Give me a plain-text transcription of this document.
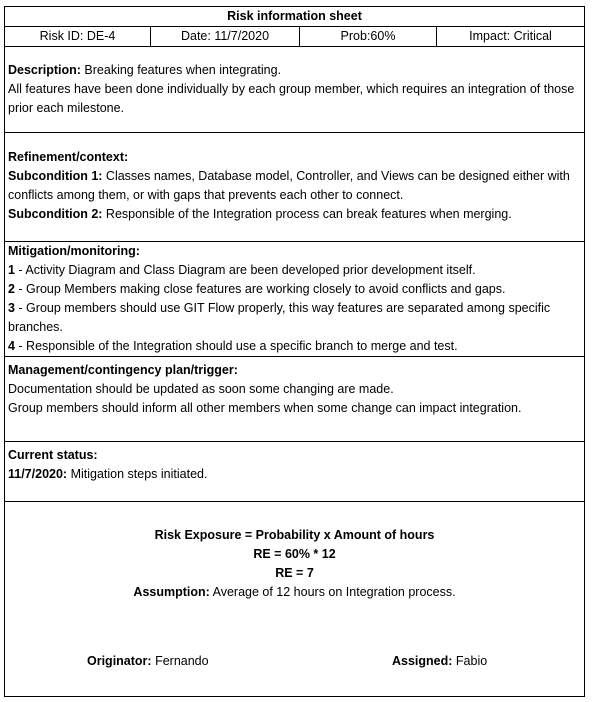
Risk information sheet
Risk ID: DE-4	Date: 11/7/2020	Prob:60%	Impact: Critical

Description: Breaking features when integrating.

All features have been done individually by each group member, which requires an integration of those prior each milestone.

Refinement/context:

Subcondition 1: Classes names, Database model, Controller, and Views can be designed either with conflicts among them, or with gaps that prevents each other to connect.

Subcondition 2: Responsible of the Integration process can break features when merging.

Mitigation/monitoring:

1 - Activity Diagram and Class Diagram are been developed prior development itself.

2 - Group Members making close features are working closely to avoid conflicts and gaps.

3 - Group members should use GIT Flow properly, this way features are separated among specific branches.

4 - Responsible of the Integration should use a specific branch to merge and test.

Management/contingency plan/trigger:

Documentation should be updated as soon some changing are made.

Group members should inform all other members when some change can impact integration.

Current status:

11/7/2020: Mitigation steps initiated.

Risk Exposure = Probability x Amount of hours

RE = 60% * 12

RE = 7

Assumption: Average of 12 hours on Integration process.

Originator: Fernando	Assigned: Fabio
